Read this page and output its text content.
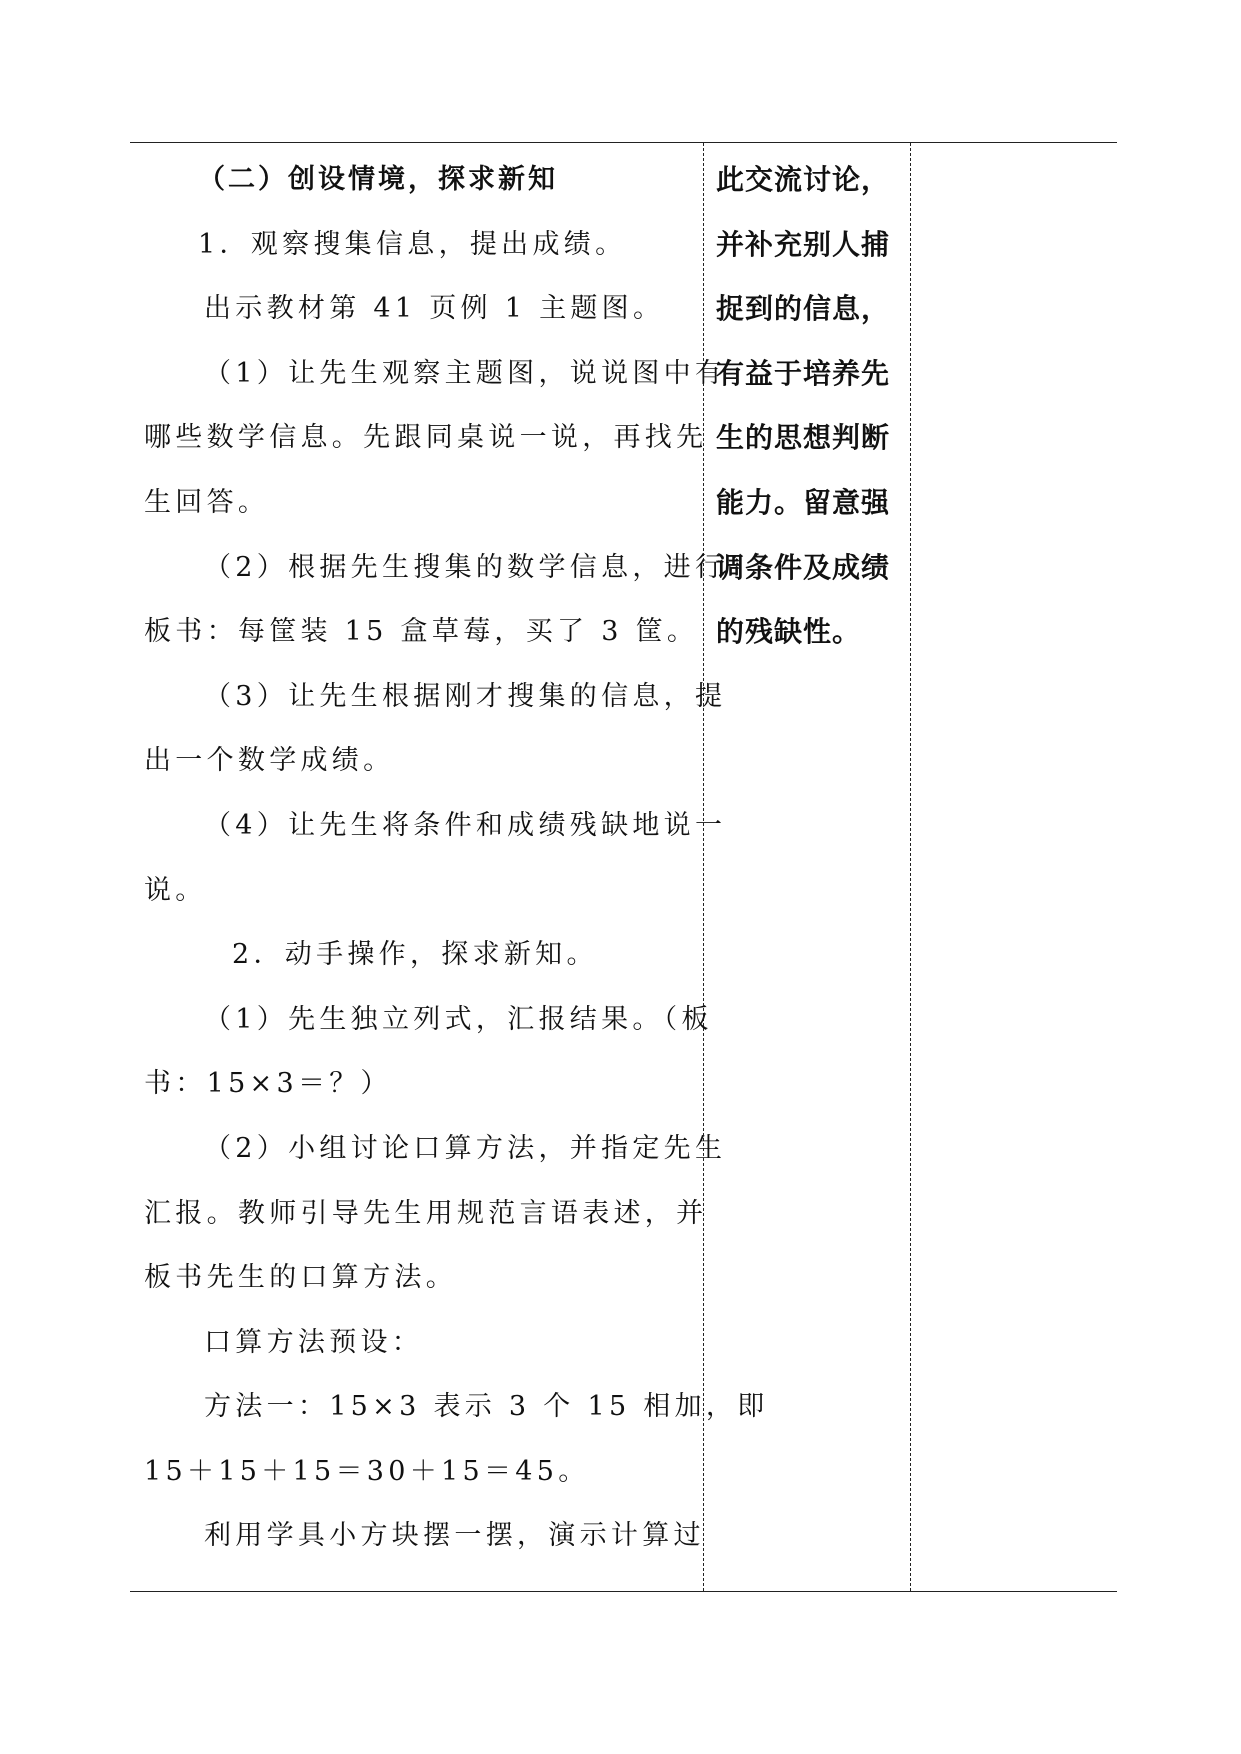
（二）创设情境，探求新知
1．观察搜集信息，提出成绩。
出示教材第 41 页例 1 主题图。
（1）让先生观察主题图，说说图中有
哪些数学信息。先跟同桌说一说，再找先
生回答。
（2）根据先生搜集的数学信息，进行
板书：每筐装 15 盒草莓，买了 3 筐。
（3）让先生根据刚才搜集的信息，提
出一个数学成绩。
（4）让先生将条件和成绩残缺地说一
说。
2．动手操作，探求新知。
（1）先生独立列式，汇报结果。（板
书：15×3＝？）
（2）小组讨论口算方法，并指定先生
汇报。教师引导先生用规范言语表述，并
板书先生的口算方法。
口算方法预设：
方法一：15×3 表示 3 个 15 相加，即
15＋15＋15＝30＋15＝45。
利用学具小方块摆一摆，演示计算过
此交流讨论，
并补充别人捕
捉到的信息，
有益于培养先
生的思想判断
能力。留意强
调条件及成绩
的残缺性。
